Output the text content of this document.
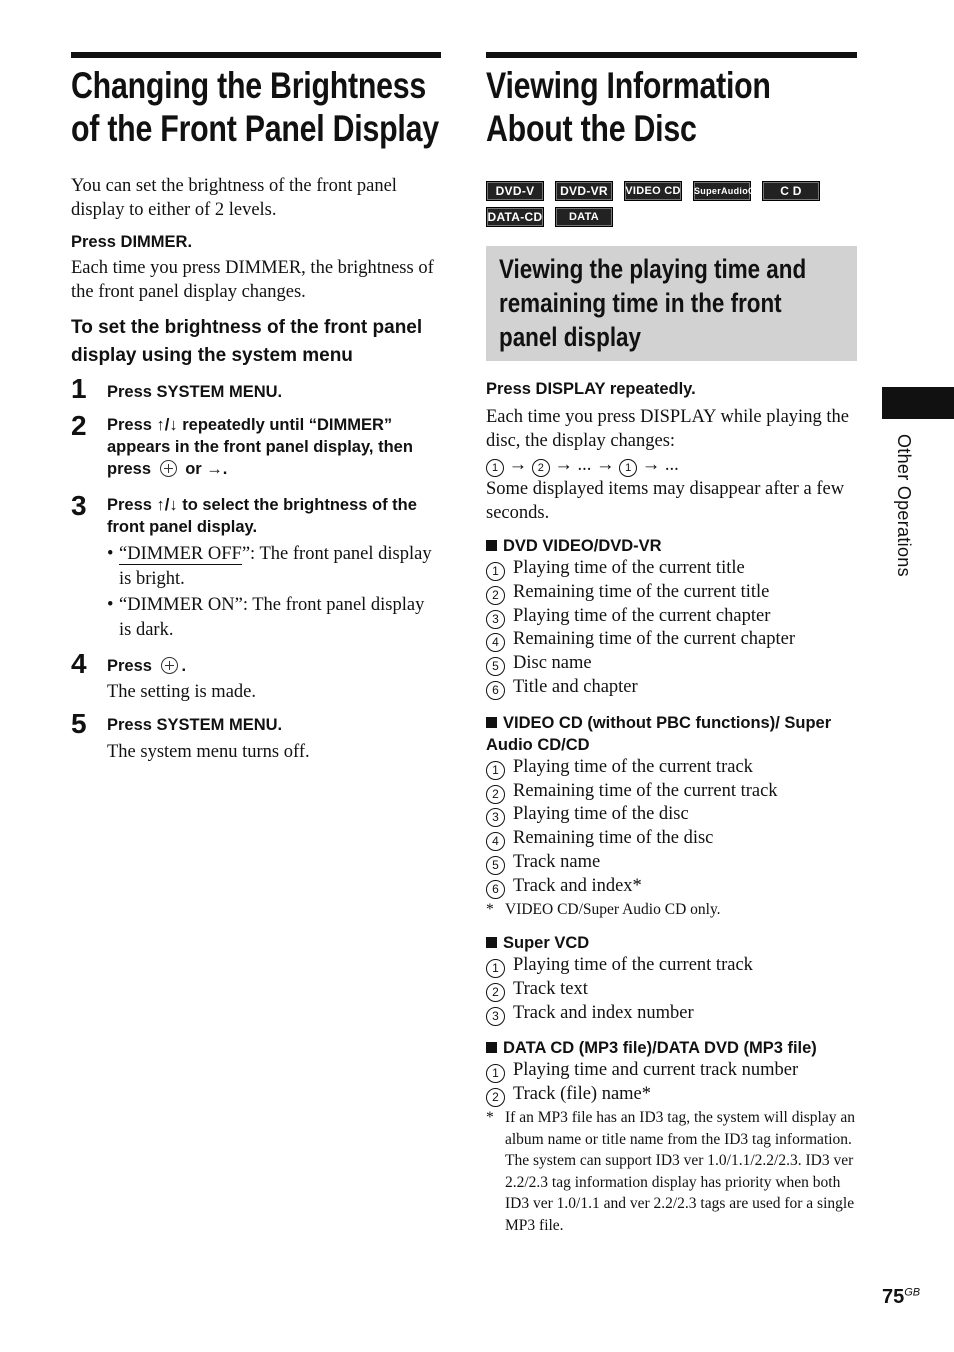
Changing the Brightness of the Front Panel Display

You can set the brightness of the front panel display to either of 2 levels.

Press DIMMER.

Each time you press DIMMER, the brightness of the front panel display changes.

To set the brightness of the front panel display using the system menu

1	Press SYSTEM MENU.

2	Press ↑/↓ repeatedly until “DIMMER” appears in the front panel display, then press  or →.

3	Press ↑/↓ to select the brightness of the front panel display.

• “DIMMER OFF”: The front panel display is bright.
• “DIMMER ON”: The front panel display is dark.
4	Press .

The setting is made.

5	Press SYSTEM MENU.

The system menu turns off.

Viewing Information About the Disc
DVD-V	DVD-VR	VIDEO CD SuperAudioCD	C D
DATA-CD	DATA DVD
Viewing the playing time and remaining time in the front panel display

Press DISPLAY repeatedly.

Each time you press DISPLAY while playing the disc, the display changes:

1 → 2 → ... → 1 → ...

Some displayed items may disappear after a few seconds.

DVD VIDEO/DVD-VR

1 Playing time of the current title
2 Remaining time of the current title
3 Playing time of the current chapter
4 Remaining time of the current chapter
5 Disc name
6 Title and chapter

VIDEO CD (without PBC functions)/ Super Audio CD/CD

1 Playing time of the current track
2 Remaining time of the current track
3 Playing time of the disc
4 Remaining time of the disc
5 Track name
6 Track and index*
* VIDEO CD/Super Audio CD only.

Super VCD

1 Playing time of the current track
2 Track text
3 Track and index number

DATA CD (MP3 file)/DATA DVD (MP3 file)

1 Playing time and current track number
2 Track (file) name*
* If an MP3 file has an ID3 tag, the system will display an album name or title name from the ID3 tag information.
The system can support ID3 ver 1.0/1.1/2.2/2.3. ID3 ver 2.2/2.3 tag information display has priority when both ID3 ver 1.0/1.1 and ver 2.2/2.3 tags are used for a single MP3 file.
Other Operations
$75^{GB}$
